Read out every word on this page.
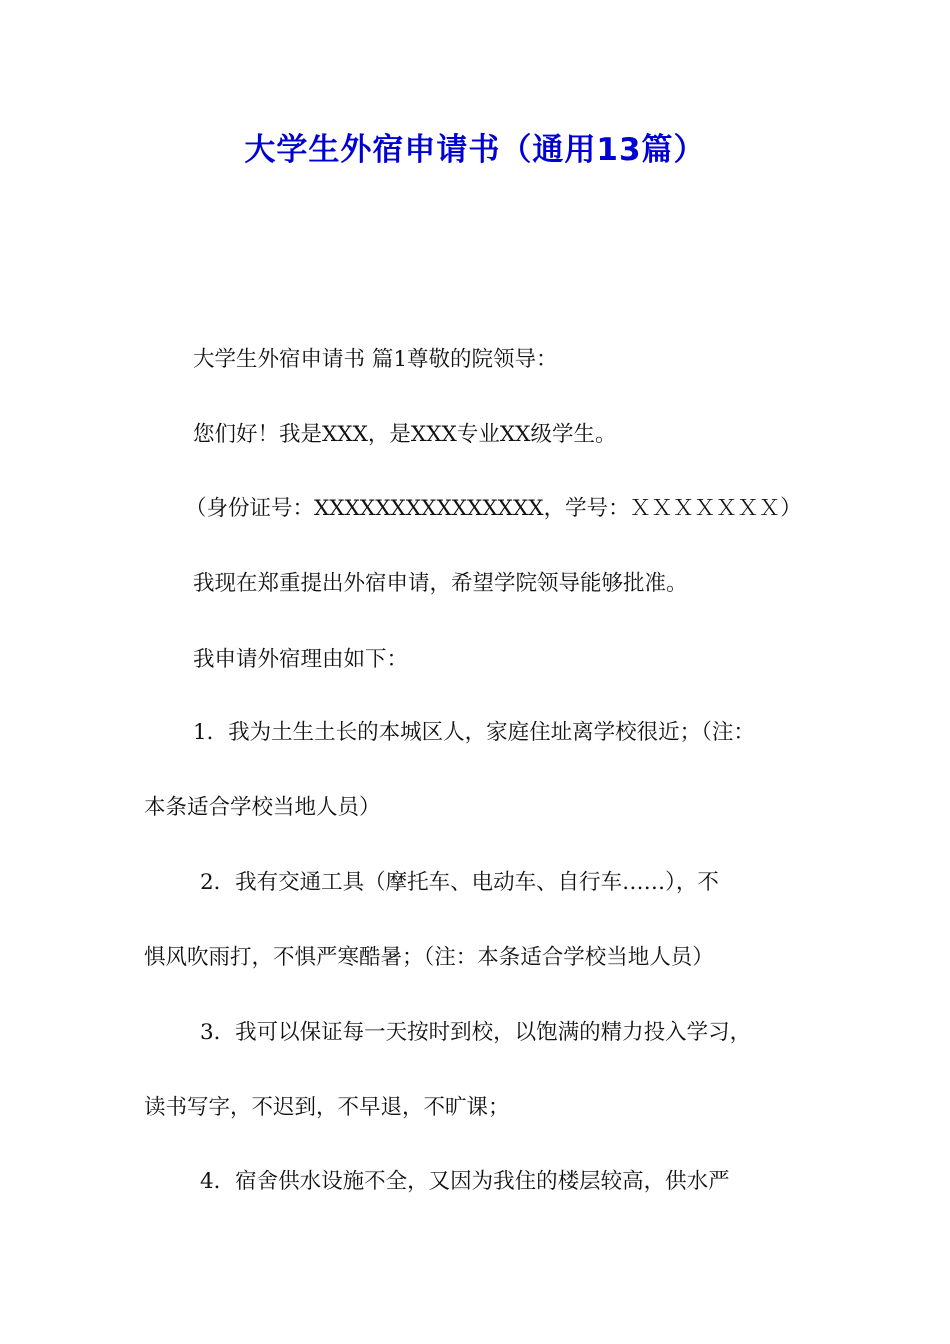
大学生外宿申请书（通用13篇）
大学生外宿申请书 篇1尊敬的院领导：
您们好！我是XXX，是XXX专业XX级学生。
（身份证号：XXXXXXXXXXXXXXX，学号：ＸＸＸＸＸＸＸ）
我现在郑重提出外宿申请，希望学院领导能够批准。
我申请外宿理由如下：
1．我为土生土长的本城区人，家庭住址离学校很近；（注：
本条适合学校当地人员）
2．我有交通工具（摩托车、电动车、自行车……），不
惧风吹雨打，不惧严寒酷暑；（注：本条适合学校当地人员）
3．我可以保证每一天按时到校，以饱满的精力投入学习，
读书写字，不迟到，不早退，不旷课；
4．宿舍供水设施不全，又因为我住的楼层较高，供水严
